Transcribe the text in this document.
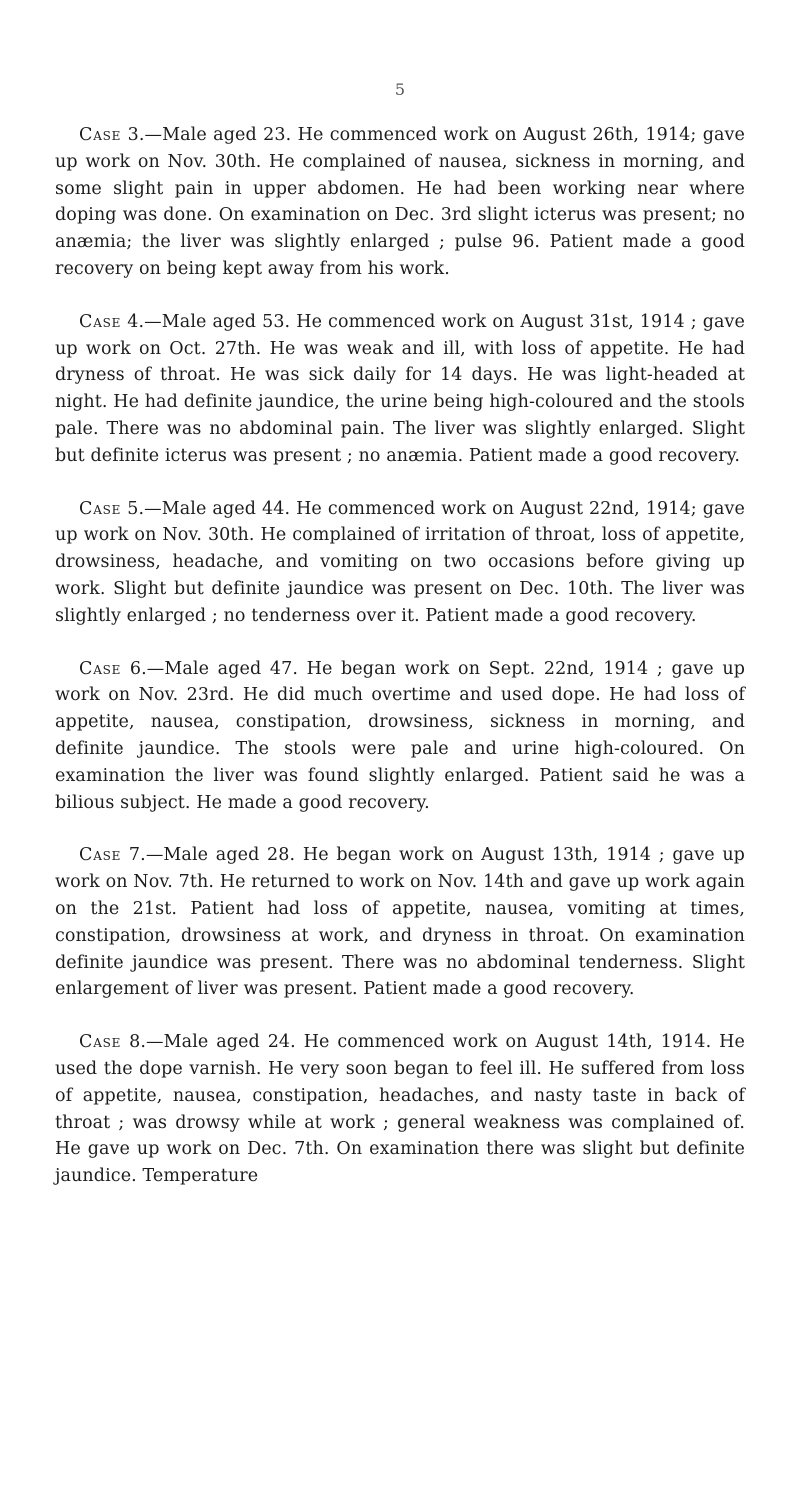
5

Case 3.—Male aged 23. He commenced work on August 26th, 1914; gave up work on Nov. 30th. He complained of nausea, sickness in morning, and some slight pain in upper abdomen. He had been working near where doping was done. On examination on Dec. 3rd slight icterus was present; no anæmia; the liver was slightly enlarged ; pulse 96. Patient made a good recovery on being kept away from his work.

Case 4.—Male aged 53. He commenced work on August 31st, 1914 ; gave up work on Oct. 27th. He was weak and ill, with loss of appetite. He had dryness of throat. He was sick daily for 14 days. He was light-headed at night. He had definite jaundice, the urine being high-coloured and the stools pale. There was no abdominal pain. The liver was slightly enlarged. Slight but definite icterus was present ; no anæmia. Patient made a good recovery.

Case 5.—Male aged 44. He commenced work on August 22nd, 1914; gave up work on Nov. 30th. He complained of irritation of throat, loss of appetite, drowsiness, headache, and vomiting on two occasions before giving up work. Slight but definite jaundice was present on Dec. 10th. The liver was slightly enlarged ; no tenderness over it. Patient made a good recovery.

Case 6.—Male aged 47. He began work on Sept. 22nd, 1914 ; gave up work on Nov. 23rd. He did much overtime and used dope. He had loss of appetite, nausea, constipation, drowsiness, sickness in morning, and definite jaundice. The stools were pale and urine high-coloured. On examination the liver was found slightly enlarged. Patient said he was a bilious subject. He made a good recovery.

Case 7.—Male aged 28. He began work on August 13th, 1914 ; gave up work on Nov. 7th. He returned to work on Nov. 14th and gave up work again on the 21st. Patient had loss of appetite, nausea, vomiting at times, constipation, drowsiness at work, and dryness in throat. On examination definite jaundice was present. There was no abdominal tenderness. Slight enlargement of liver was present. Patient made a good recovery.

Case 8.—Male aged 24. He commenced work on August 14th, 1914. He used the dope varnish. He very soon began to feel ill. He suffered from loss of appetite, nausea, constipation, headaches, and nasty taste in back of throat ; was drowsy while at work ; general weakness was complained of. He gave up work on Dec. 7th. On examination there was slight but definite jaundice. Temperature
